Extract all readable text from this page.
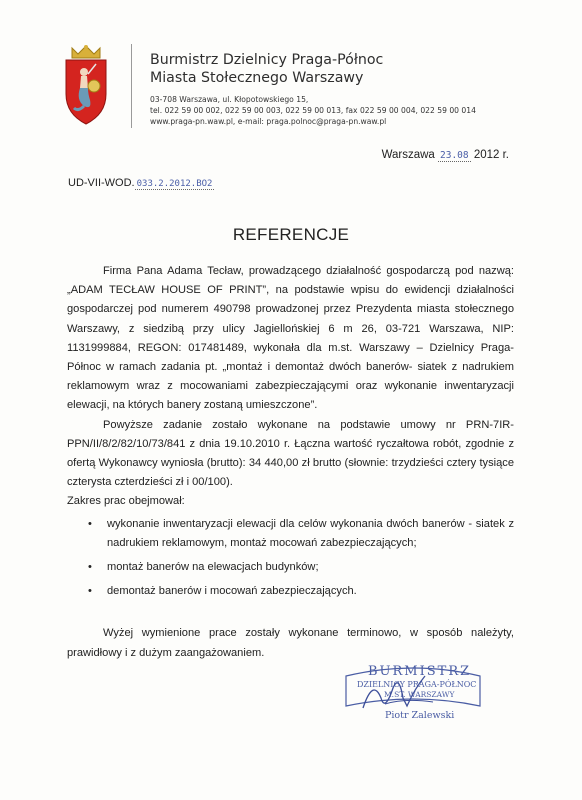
Burmistrz Dzielnicy Praga-Północ
Miasta Stołecznego Warszawy
03-708 Warszawa, ul. Kłopotowskiego 15,
tel. 022 59 00 002, 022 59 00 003, 022 59 00 013, fax 022 59 00 004, 022 59 00 014
www.praga-pn.waw.pl, e-mail: praga.polnoc@praga-pn.waw.pl
Warszawa 23.08 2012 r.
UD-VII-WOD. 033.2.2012.BO2
REFERENCJE

Firma Pana Adama Tecław, prowadzącego działalność gospodarczą pod nazwą: „ADAM TECŁAW HOUSE OF PRINT”, na podstawie wpisu do ewidencji działalności gospodarczej pod numerem 490798 prowadzonej przez Prezydenta miasta stołecznego Warszawy, z siedzibą przy ulicy Jagiellońskiej 6 m 26, 03-721 Warszawa, NIP: 1131999884, REGON: 017481489, wykonała dla m.st. Warszawy – Dzielnicy Praga-Północ w ramach zadania pt. „montaż i demontaż dwóch banerów- siatek z nadrukiem reklamowym wraz z mocowaniami zabezpieczającymi oraz wykonanie inwentaryzacji elewacji, na których banery zostaną umieszczone”.

Powyższe zadanie zostało wykonane na podstawie umowy nr PRN-7IR-PPN/II/8/2/82/10/73/841 z dnia 19.10.2010 r. Łączna wartość ryczałtowa robót, zgodnie z ofertą Wykonawcy wyniosła (brutto): 34 440,00 zł brutto (słownie: trzydzieści cztery tysiące czterysta czterdzieści zł i 00/100).

Zakres prac obejmował:

• wykonanie inwentaryzacji elewacji dla celów wykonania dwóch banerów - siatek z nadrukiem reklamowym, montaż mocowań zabezpieczających;
• montaż banerów na elewacjach budynków;
• demontaż banerów i mocowań zabezpieczających.

Wyżej wymienione prace zostały wykonane terminowo, w sposób należyty, prawidłowy i z dużym zaangażowaniem.

BURMISTRZ
DZIELNICY PRAGA-PÓŁNOC
M.ST. WARSZAWY
Piotr Zalewski
